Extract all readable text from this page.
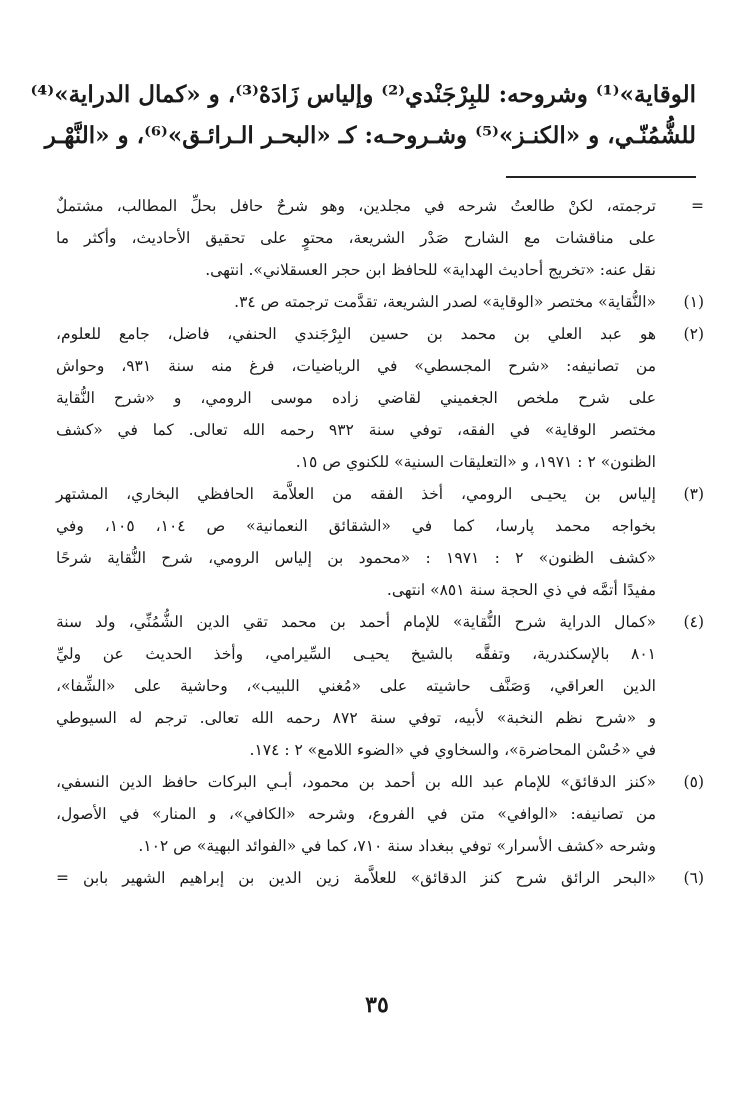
الوقاية»⁽¹⁾ وشروحه: للبِرْجَنْدي⁽²⁾ وإلياس زَادَهْ⁽³⁾، و «كمال الدراية»⁽⁴⁾
للشُّمُنّـي، و «الكنـز»⁽⁵⁾ وشـروحـه: كـ «البحـر الـرائـق»⁽⁶⁾، و «النَّهْـر
=
ترجمته، لكنْ طالعتُ شرحه في مجلدين، وهو شرحٌ حافل بحلِّ المطالب، مشتملٌ
على مناقشات مع الشارح صَدْر الشريعة، محتوٍ على تحقيق الأحاديث، وأكثر ما
نقل عنه: «تخريج أحاديث الهداية» للحافظ ابن حجر العسقلاني». انتهى.
(١)
«النُّقاية» مختصر «الوقاية» لصدر الشريعة، تقدَّمت ترجمته ص ٣٤.
(٢)
هو عبد العلي بن محمد بن حسين البِرْجَندي الحنفي، فاضل، جامع للعلوم،
من تصانيفه: «شرح المجسطي» في الرياضيات، فرغ منه سنة ٩٣١، وحواش
على شرح ملخص الجغميني لقاضي زاده موسى الرومي، و «شرح النُّقاية
مختصر الوقاية» في الفقه، توفي سنة ٩٣٢ رحمه الله تعالى. كما في «كشف
الظنون» ٢ : ١٩٧١، و «التعليقات السنية» للكنوي ص ١٥.
(٣)
إلياس بن يحيـى الرومي، أخذ الفقه من العلاَّمة الحافظي البخاري، المشتهر
بخواجه محمد پارسا، كما في «الشقائق النعمانية» ص ١٠٤، ١٠٥، وفي
«كشف الظنون» ٢ : ١٩٧١ : «محمود بن إلياس الرومي، شرح النُّقاية شرحًا
مفيدًا أتمَّه في ذي الحجة سنة ٨٥١» انتهى.
(٤)
«كمال الدراية شرح النُّقاية» للإمام أحمد بن محمد تقي الدين الشُّمُنِّي، ولد سنة
٨٠١ بالإسكندرية، وتفقَّه بالشيخ يحيـى السِّيرامي، وأخذ الحديث عن وليِّ
الدين العراقي، وَصَنَّف حاشيته على «مُغني اللبيب»، وحاشية على «الشِّفا»،
و «شرح نظم النخبة» لأبيه، توفي سنة ٨٧٢ رحمه الله تعالى. ترجم له السيوطي
في «حُسْن المحاضرة»، والسخاوي في «الضوء اللامع» ٢ : ١٧٤.
(٥)
«كنز الدقائق» للإمام عبد الله بن أحمد بن محمود، أبـي البركات حافظ الدين النسفي،
من تصانيفه: «الوافي» متن في الفروع، وشرحه «الكافي»، و المنار» في الأصول،
وشرحه «كشف الأسرار» توفي ببغداد سنة ٧١٠، كما في «الفوائد البهية» ص ١٠٢.
(٦)
«البحر الرائق شرح كنز الدقائق» للعلاَّمة زين الدين بن إبراهيم الشهير بابن =
٣٥
